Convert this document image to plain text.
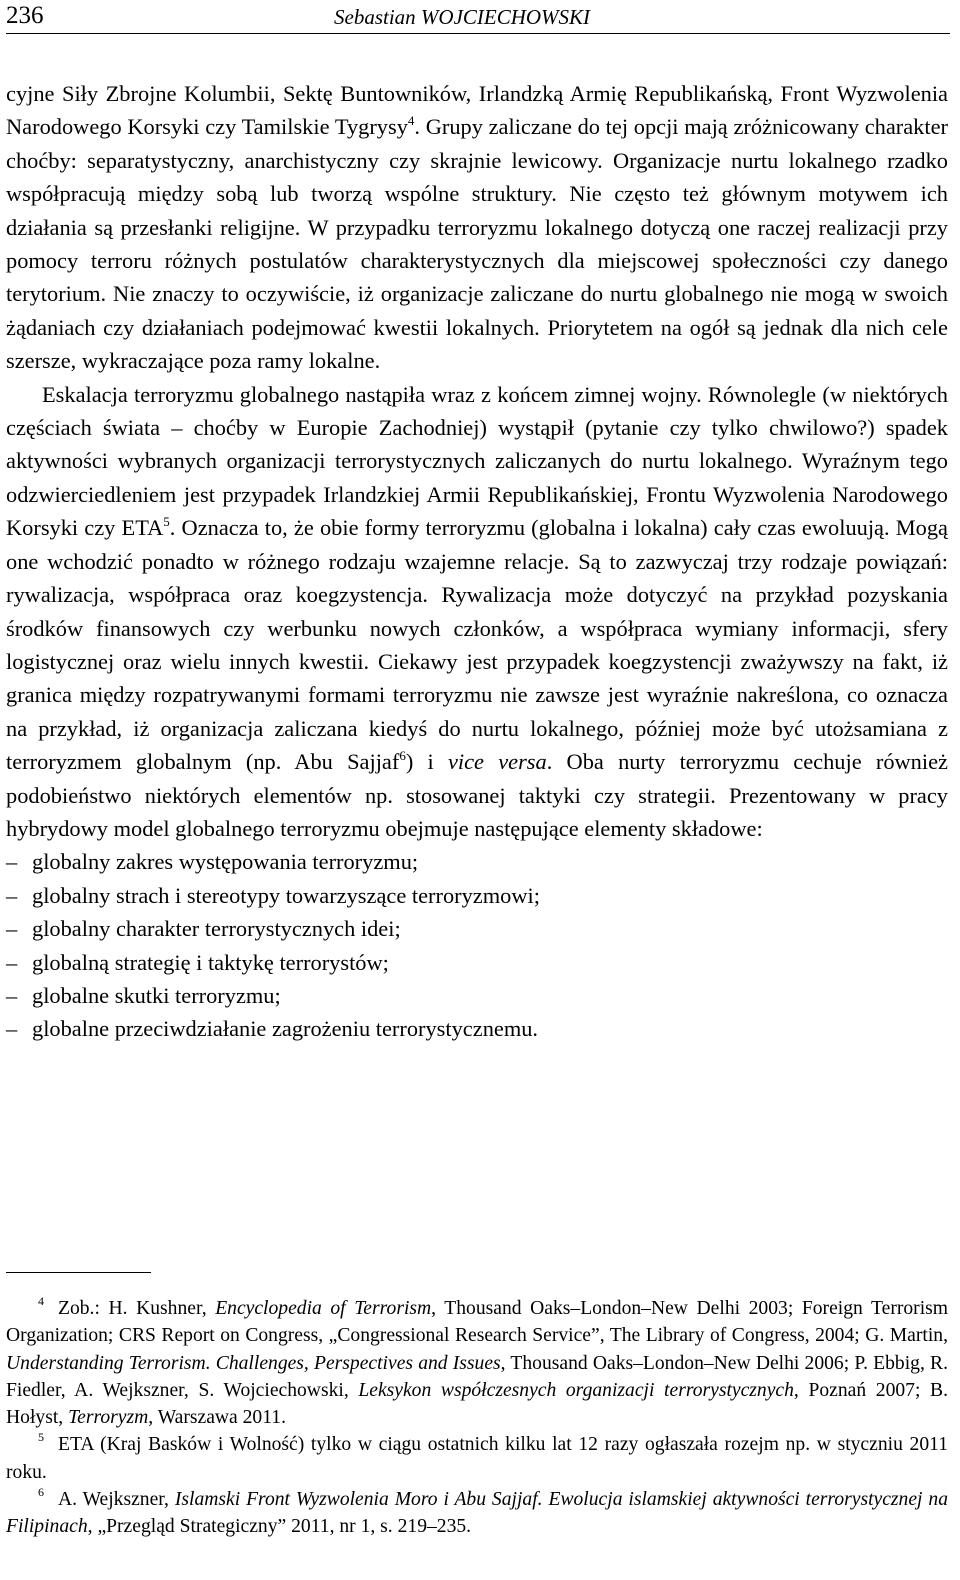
236	Sebastian WOJCIECHOWSKI

cyjne Siły Zbrojne Kolumbii, Sektę Buntowników, Irlandzką Armię Republikańską, Front Wyzwolenia Narodowego Korsyki czy Tamilskie Tygrysy$^4$. Grupy zaliczane do tej opcji mają zróżnicowany charakter choćby: separatystyczny, anarchistyczny czy skrajnie lewicowy. Organizacje nurtu lokalnego rzadko współpracują między sobą lub tworzą wspólne struktury. Nie często też głównym motywem ich działania są przesłanki religijne. W przypadku terroryzmu lokalnego dotyczą one raczej realizacji przy pomocy terroru różnych postulatów charakterystycznych dla miejscowej społeczności czy danego terytorium. Nie znaczy to oczywiście, iż organizacje zaliczane do nurtu globalnego nie mogą w swoich żądaniach czy działaniach podejmować kwestii lokalnych. Priorytetem na ogół są jednak dla nich cele szersze, wykraczające poza ramy lokalne.

Eskalacja terroryzmu globalnego nastąpiła wraz z końcem zimnej wojny. Równolegle (w niektórych częściach świata – choćby w Europie Zachodniej) wystąpił (pytanie czy tylko chwilowo?) spadek aktywności wybranych organizacji terrorystycznych zaliczanych do nurtu lokalnego. Wyraźnym tego odzwierciedleniem jest przypadek Irlandzkiej Armii Republikańskiej, Frontu Wyzwolenia Narodowego Korsyki czy ETA$^5$. Oznacza to, że obie formy terroryzmu (globalna i lokalna) cały czas ewoluują. Mogą one wchodzić ponadto w różnego rodzaju wzajemne relacje. Są to zazwyczaj trzy rodzaje powiązań: rywalizacja, współpraca oraz koegzystencja. Rywalizacja może dotyczyć na przykład pozyskania środków finansowych czy werbunku nowych członków, a współpraca wymiany informacji, sfery logistycznej oraz wielu innych kwestii. Ciekawy jest przypadek koegzystencji zważywszy na fakt, iż granica między rozpatrywanymi formami terroryzmu nie zawsze jest wyraźnie nakreślona, co oznacza na przykład, iż organizacja zaliczana kiedyś do nurtu lokalnego, później może być utożsamiana z terroryzmem globalnym (np. Abu Sajjaf$^6$) i vice versa. Oba nurty terroryzmu cechuje również podobieństwo niektórych elementów np. stosowanej taktyki czy strategii. Prezentowany w pracy hybrydowy model globalnego terroryzmu obejmuje następujące elementy składowe:

– globalny zakres występowania terroryzmu;
– globalny strach i stereotypy towarzyszące terroryzmowi;
– globalny charakter terrorystycznych idei;
– globalną strategię i taktykę terrorystów;
– globalne skutki terroryzmu;
– globalne przeciwdziałanie zagrożeniu terrorystycznemu.

$^4$ Zob.: H. Kushner, Encyclopedia of Terrorism, Thousand Oaks–London–New Delhi 2003; Foreign Terrorism Organization; CRS Report on Congress, „Congressional Research Service”, The Library of Congress, 2004; G. Martin, Understanding Terrorism. Challenges, Perspectives and Issues, Thousand Oaks–London–New Delhi 2006; P. Ebbig, R. Fiedler, A. Wejkszner, S. Wojciechowski, Leksykon współczesnych organizacji terrorystycznych, Poznań 2007; B. Hołyst, Terroryzm, Warszawa 2011.

$^5$ ETA (Kraj Basków i Wolność) tylko w ciągu ostatnich kilku lat 12 razy ogłaszała rozejm np. w styczniu 2011 roku.

$^6$ A. Wejkszner, Islamski Front Wyzwolenia Moro i Abu Sajjaf. Ewolucja islamskiej aktywności terrorystycznej na Filipinach, „Przegląd Strategiczny” 2011, nr 1, s. 219–235.
